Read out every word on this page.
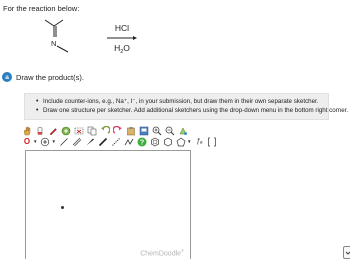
For the reaction below:
N
HCl
$H_2O$
a Draw the product(s).
• Include counter-ions, e.g., Na⁺, I⁻, in your submission, but draw them in their own separate sketcher.
• Draw one structure per sketcher. Add additional sketchers using the drop-down menu in the bottom right corner.
O ▼	▼	?	▼ ƒₐ
ChemDoodle®
